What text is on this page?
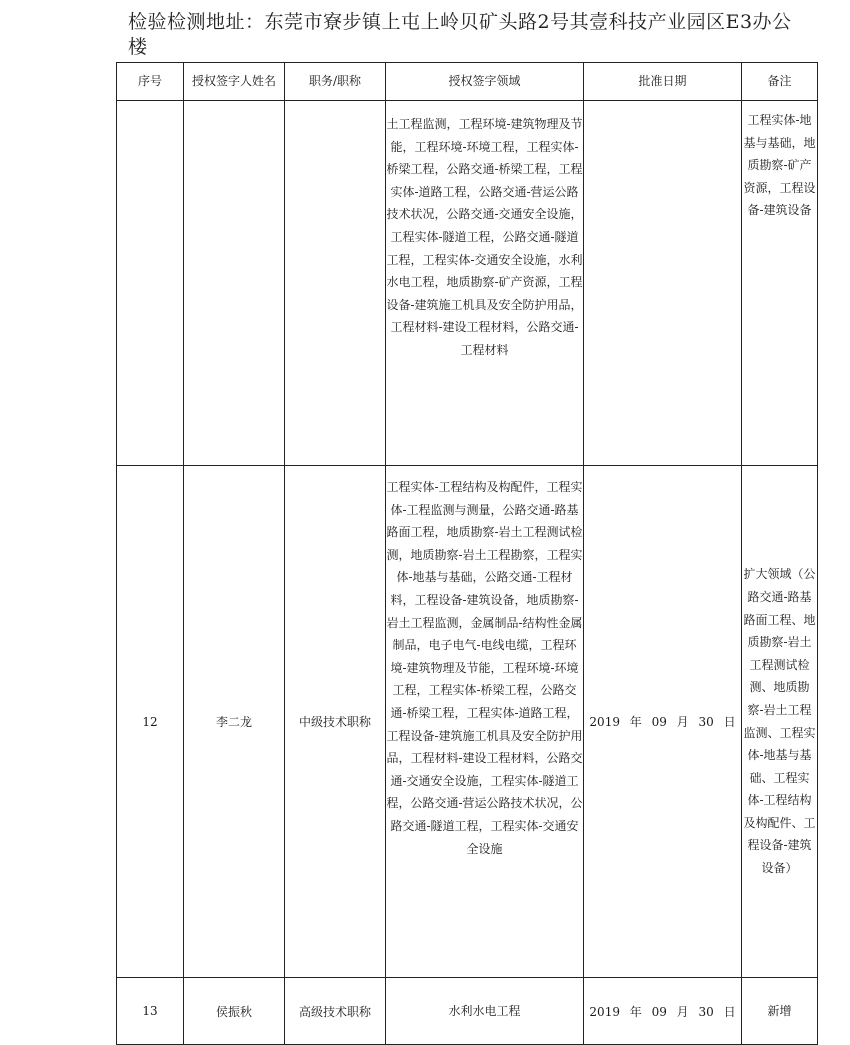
检验检测地址：东莞市寮步镇上屯上岭贝矿头路2号其壹科技产业园区E3办公楼
序号	授权签字人姓名	职务/职称	授权签字领域	批准日期	备注
			土工程监测，工程环境-建筑物理及节能，工程环境-环境工程，工程实体-桥梁工程，公路交通-桥梁工程，工程实体-道路工程，公路交通-营运公路技术状况，公路交通-交通安全设施，工程实体-隧道工程，公路交通-隧道工程，工程实体-交通安全设施，水利水电工程，地质勘察-矿产资源，工程设备-建筑施工机具及安全防护用品，工程材料-建设工程材料，公路交通-工程材料		工程实体-地基与基础，地质勘察-矿产资源，工程设备-建筑设备
12	李二龙	中级技术职称	工程实体-工程结构及构配件，工程实体-工程监测与测量，公路交通-路基路面工程，地质勘察-岩土工程测试检测，地质勘察-岩土工程勘察，工程实体-地基与基础，公路交通-工程材料，工程设备-建筑设备，地质勘察-岩土工程监测，金属制品-结构性金属制品，电子电气-电线电缆，工程环境-建筑物理及节能，工程环境-环境工程，工程实体-桥梁工程，公路交通-桥梁工程，工程实体-道路工程，工程设备-建筑施工机具及安全防护用品，工程材料-建设工程材料，公路交通-交通安全设施，工程实体-隧道工程，公路交通-营运公路技术状况，公路交通-隧道工程，工程实体-交通安全设施	2019 年 09 月 30 日	扩大领域（公路交通-路基路面工程、地质勘察-岩土工程测试检测、地质勘察-岩土工程监测、工程实体-地基与基础、工程实体-工程结构及构配件、工程设备-建筑设备）
13	侯振秋	高级技术职称	水利水电工程	2019 年 09 月 30 日	新增
